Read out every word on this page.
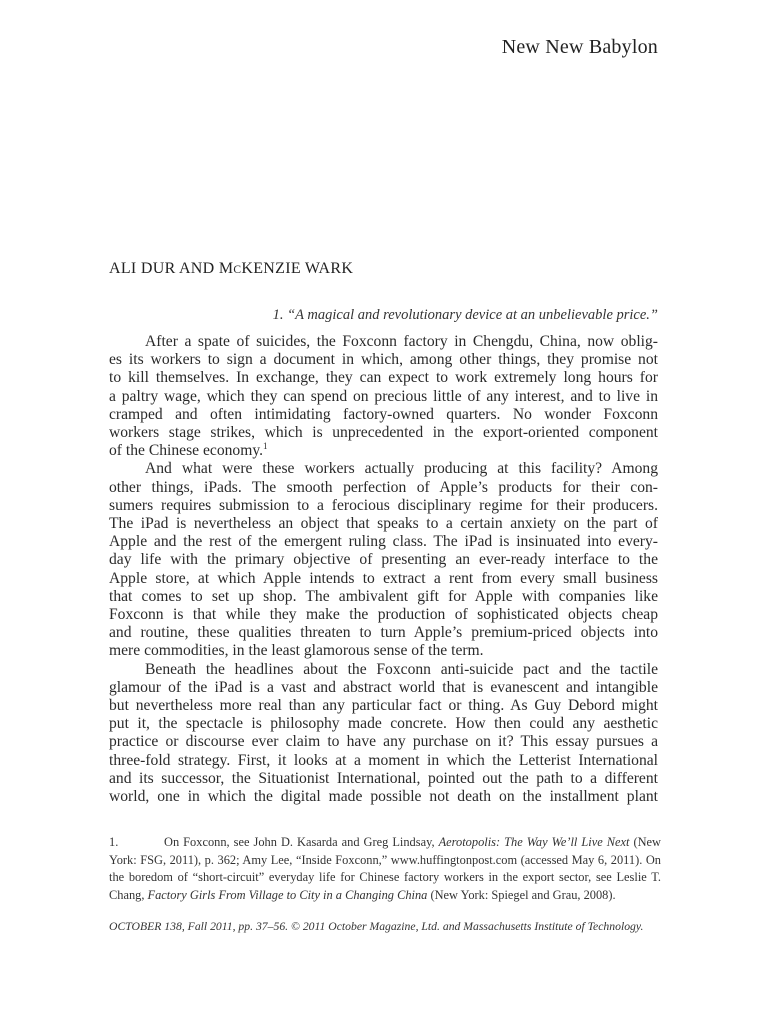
New New Babylon
ALI DUR AND MCKENZIE WARK
1. “A magical and revolutionary device at an unbelievable price.”

After a spate of suicides, the Foxconn factory in Chengdu, China, now oblig-
es its workers to sign a document in which, among other things, they promise not
to kill themselves. In exchange, they can expect to work extremely long hours for
a paltry wage, which they can spend on precious little of any interest, and to live in
cramped and often intimidating factory-owned quarters. No wonder Foxconn
workers stage strikes, which is unprecedented in the export-oriented component
of the Chinese economy.$^1$

And what were these workers actually producing at this facility? Among
other things, iPads. The smooth perfection of Apple’s products for their con-
sumers requires submission to a ferocious disciplinary regime for their producers.
The iPad is nevertheless an object that speaks to a certain anxiety on the part of
Apple and the rest of the emergent ruling class. The iPad is insinuated into every-
day life with the primary objective of presenting an ever-ready interface to the
Apple store, at which Apple intends to extract a rent from every small business
that comes to set up shop. The ambivalent gift for Apple with companies like
Foxconn is that while they make the production of sophisticated objects cheap
and routine, these qualities threaten to turn Apple’s premium-priced objects into
mere commodities, in the least glamorous sense of the term.

Beneath the headlines about the Foxconn anti-suicide pact and the tactile
glamour of the iPad is a vast and abstract world that is evanescent and intangible
but nevertheless more real than any particular fact or thing. As Guy Debord might
put it, the spectacle is philosophy made concrete. How then could any aesthetic
practice or discourse ever claim to have any purchase on it? This essay pursues a
three-fold strategy. First, it looks at a moment in which the Letterist International
and its successor, the Situationist International, pointed out the path to a different
world, one in which the digital made possible not death on the installment plant

1.	On Foxconn, see John D. Kasarda and Greg Lindsay, Aerotopolis: The Way We’ll Live Next (New
York: FSG, 2011), p. 362; Amy Lee, “Inside Foxconn,” www.huffingtonpost.com (accessed May 6, 2011). On
the boredom of “short-circuit” everyday life for Chinese factory workers in the export sector, see Leslie T.
Chang, Factory Girls From Village to City in a Changing China (New York: Spiegel and Grau, 2008).
OCTOBER 138, Fall 2011, pp. 37–56. © 2011 October Magazine, Ltd. and Massachusetts Institute of Technology.
